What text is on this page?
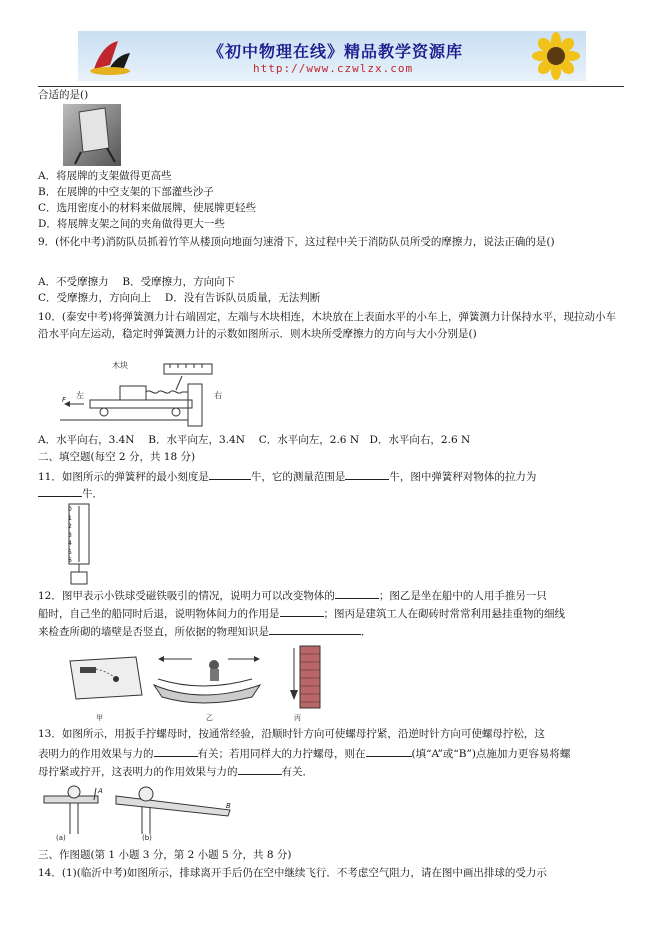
《初中物理在线》精品教学资源库
http://www.czwlzx.com
合适的是()
A．将展牌的支架做得更高些
B．在展牌的中空支架的下部灌些沙子
C．选用密度小的材料来做展牌，使展牌更轻些
D．将展牌支架之间的夹角做得更大一些
9．(怀化中考)消防队员抓着竹竿从楼顶向地面匀速滑下，这过程中关于消防队员所受的摩擦力，说法正确的是()
A．不受摩擦力　 B．受摩擦力，方向向下
C．受摩擦力，方向向上　 D．没有告诉队员质量，无法判断
10．(泰安中考)将弹簧测力计右端固定，左端与木块相连，木块放在上表面水平的小车上，弹簧测力计保持水平，现拉动小车沿水平向左运动，稳定时弹簧测力计的示数如图所示．则木块所受摩擦力的方向与大小分别是()
木块
左	右
F
A．水平向右，3.4N　 B．水平向左，3.4N　 C．水平向左，2.6 N　D．水平向右，2.6 N
二、填空题(每空 2 分，共 18 分)
11．如图所示的弹簧秤的最小刻度是	牛，它的测量范围是	牛，图中弹簧秤对物体的拉力为
牛．
0
1
2
3
4
5
6
12．图甲表示小铁球受磁铁吸引的情况，说明力可以改变物体的	；图乙是坐在船中的人用手推另一只
船时，自己坐的船同时后退，说明物体间力的作用是	；图丙是建筑工人在砌砖时常常利用悬挂重物的细线
来检查所砌的墙壁是否竖直，所依据的物理知识是	．
甲	乙	丙
13．如图所示，用扳手拧螺母时，按通常经验，沿顺时针方向可使螺母拧紧，沿逆时针方向可使螺母拧松，这
表明力的作用效果与力的	有关；若用同样大的力拧螺母，则在	(填“A”或“B”)点施加力更容易将螺
母拧紧或拧开，这表明力的作用效果与力的	有关．
(a)	(b)
A
B
三、作图题(第 1 小题 3 分，第 2 小题 5 分，共 8 分)
14．(1)(临沂中考)如图所示，排球离开手后仍在空中继续飞行．不考虑空气阻力，请在图中画出排球的受力示
